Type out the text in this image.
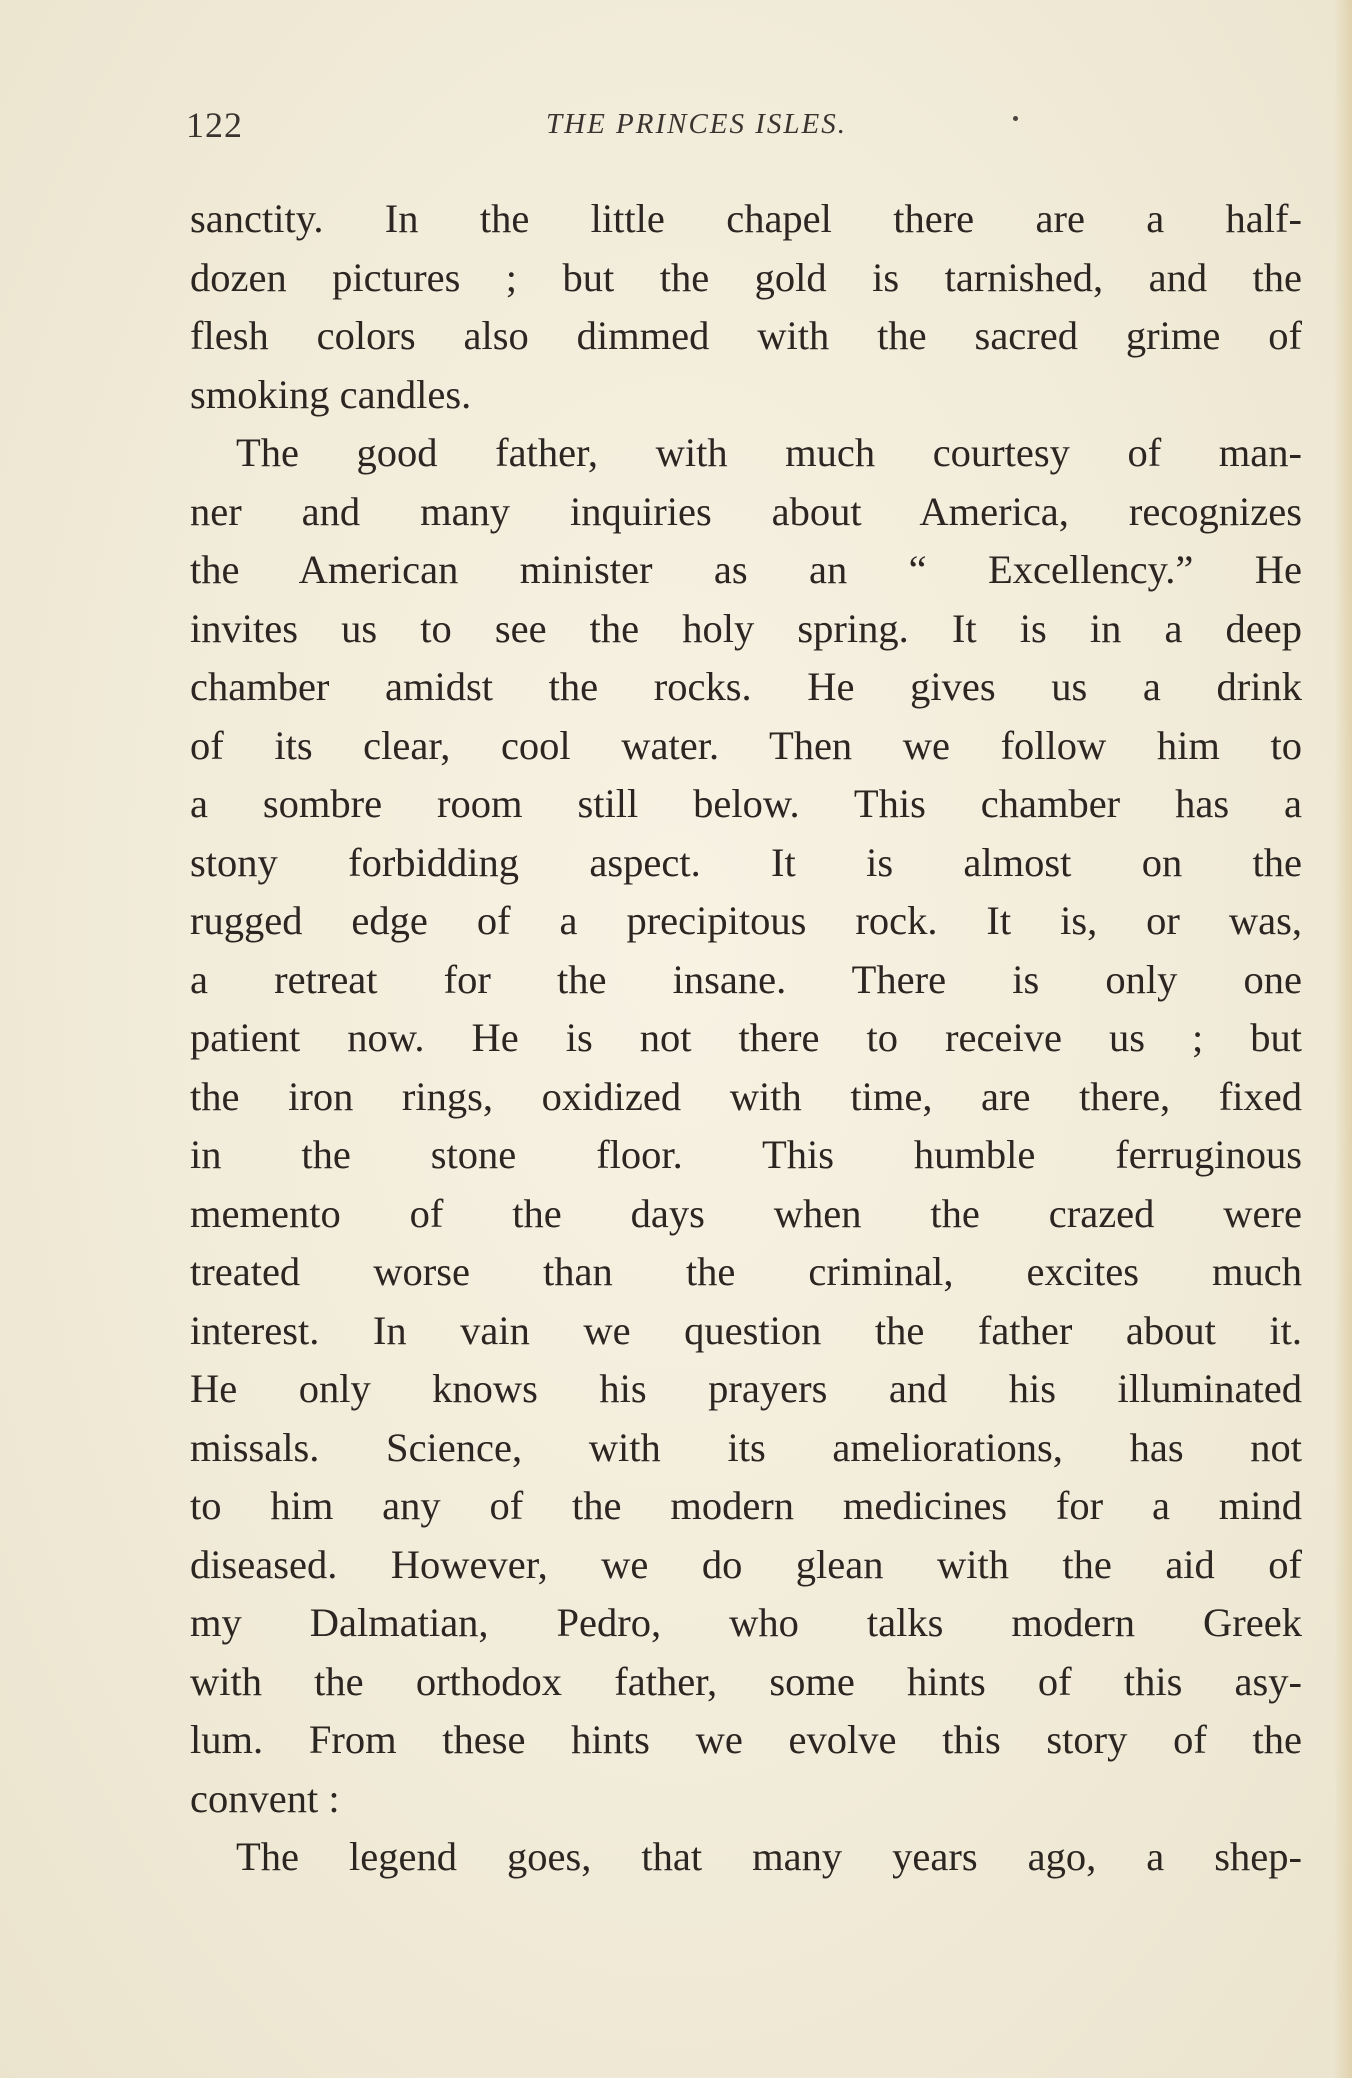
122	THE PRINCES ISLES.
sanctity. In the little chapel there are a half-
dozen pictures ; but the gold is tarnished, and the
flesh colors also dimmed with the sacred grime of
smoking candles.
The good father, with much courtesy of man-
ner and many inquiries about America, recognizes
the American minister as an “ Excellency.” He
invites us to see the holy spring. It is in a deep
chamber amidst the rocks. He gives us a drink
of its clear, cool water. Then we follow him to
a sombre room still below. This chamber has a
stony forbidding aspect. It is almost on the
rugged edge of a precipitous rock. It is, or was,
a retreat for the insane. There is only one
patient now. He is not there to receive us ; but
the iron rings, oxidized with time, are there, fixed
in the stone floor. This humble ferruginous
memento of the days when the crazed were
treated worse than the criminal, excites much
interest. In vain we question the father about it.
He only knows his prayers and his illuminated
missals. Science, with its ameliorations, has not
to him any of the modern medicines for a mind
diseased. However, we do glean with the aid of
my Dalmatian, Pedro, who talks modern Greek
with the orthodox father, some hints of this asy-
lum. From these hints we evolve this story of the
convent :
The legend goes, that many years ago, a shep-
